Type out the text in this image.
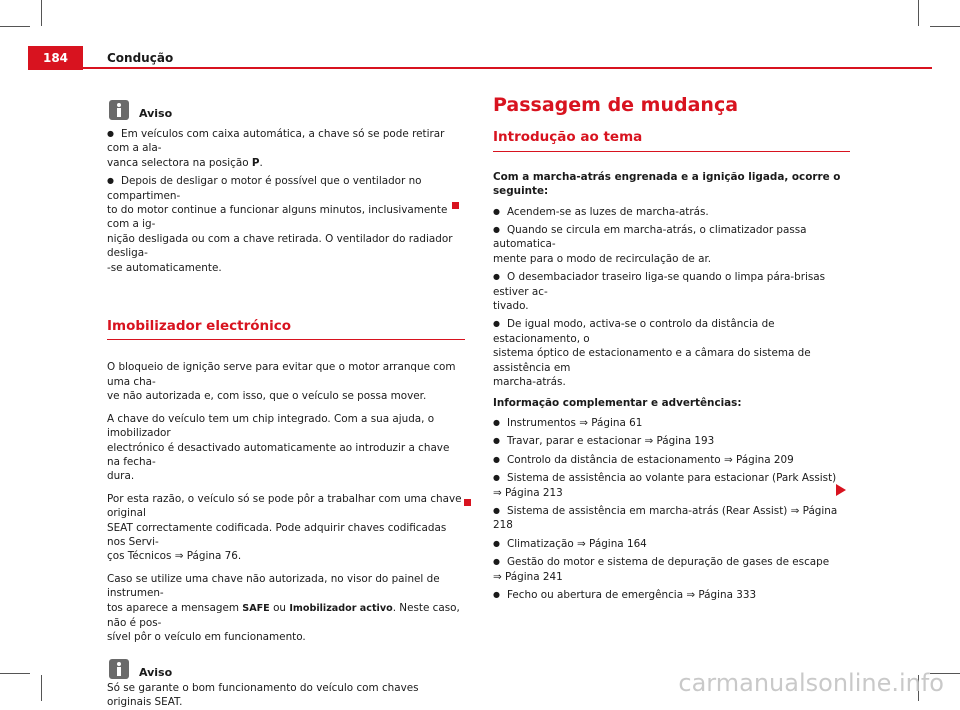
184	Condução
Aviso
● Em veículos com caixa automática, a chave só se pode retirar com a ala-
vanca selectora na posição P.
● Depois de desligar o motor é possível que o ventilador no compartimen-
to do motor continue a funcionar alguns minutos, inclusivamente com a ig-
nição desligada ou com a chave retirada. O ventilador do radiador desliga-
-se automaticamente.
Imobilizador electrónico

O bloqueio de ignição serve para evitar que o motor arranque com uma cha-
ve não autorizada e, com isso, que o veículo se possa mover.

A chave do veículo tem um chip integrado. Com a sua ajuda, o imobilizador
electrónico é desactivado automaticamente ao introduzir a chave na fecha-
dura.

Por esta razão, o veículo só se pode pôr a trabalhar com uma chave original
SEAT correctamente codificada. Pode adquirir chaves codificadas nos Servi-
ços Técnicos ⇒ Página 76.

Caso se utilize uma chave não autorizada, no visor do painel de instrumen-
tos aparece a mensagem SAFE ou Imobilizador activo. Neste caso, não é pos-
sível pôr o veículo em funcionamento.

Aviso
Só se garante o bom funcionamento do veículo com chaves originais SEAT.
Passagem de mudança
Introdução ao tema

Com a marcha-atrás engrenada e a ignição ligada, ocorre o seguinte:

● Acendem-se as luzes de marcha-atrás.
● Quando se circula em marcha-atrás, o climatizador passa automatica-
mente para o modo de recirculação de ar.
● O desembaciador traseiro liga-se quando o limpa pára-brisas estiver ac-
tivado.
● De igual modo, activa-se o controlo da distância de estacionamento, o
sistema óptico de estacionamento e a câmara do sistema de assistência em
marcha-atrás.

Informação complementar e advertências:

● Instrumentos ⇒ Página 61
● Travar, parar e estacionar ⇒ Página 193
● Controlo da distância de estacionamento ⇒ Página 209
● Sistema de assistência ao volante para estacionar (Park Assist)
⇒ Página 213
● Sistema de assistência em marcha-atrás (Rear Assist) ⇒ Página 218
● Climatização ⇒ Página 164
● Gestão do motor e sistema de depuração de gases de escape
⇒ Página 241
● Fecho ou abertura de emergência ⇒ Página 333
carmanualsonline.info
